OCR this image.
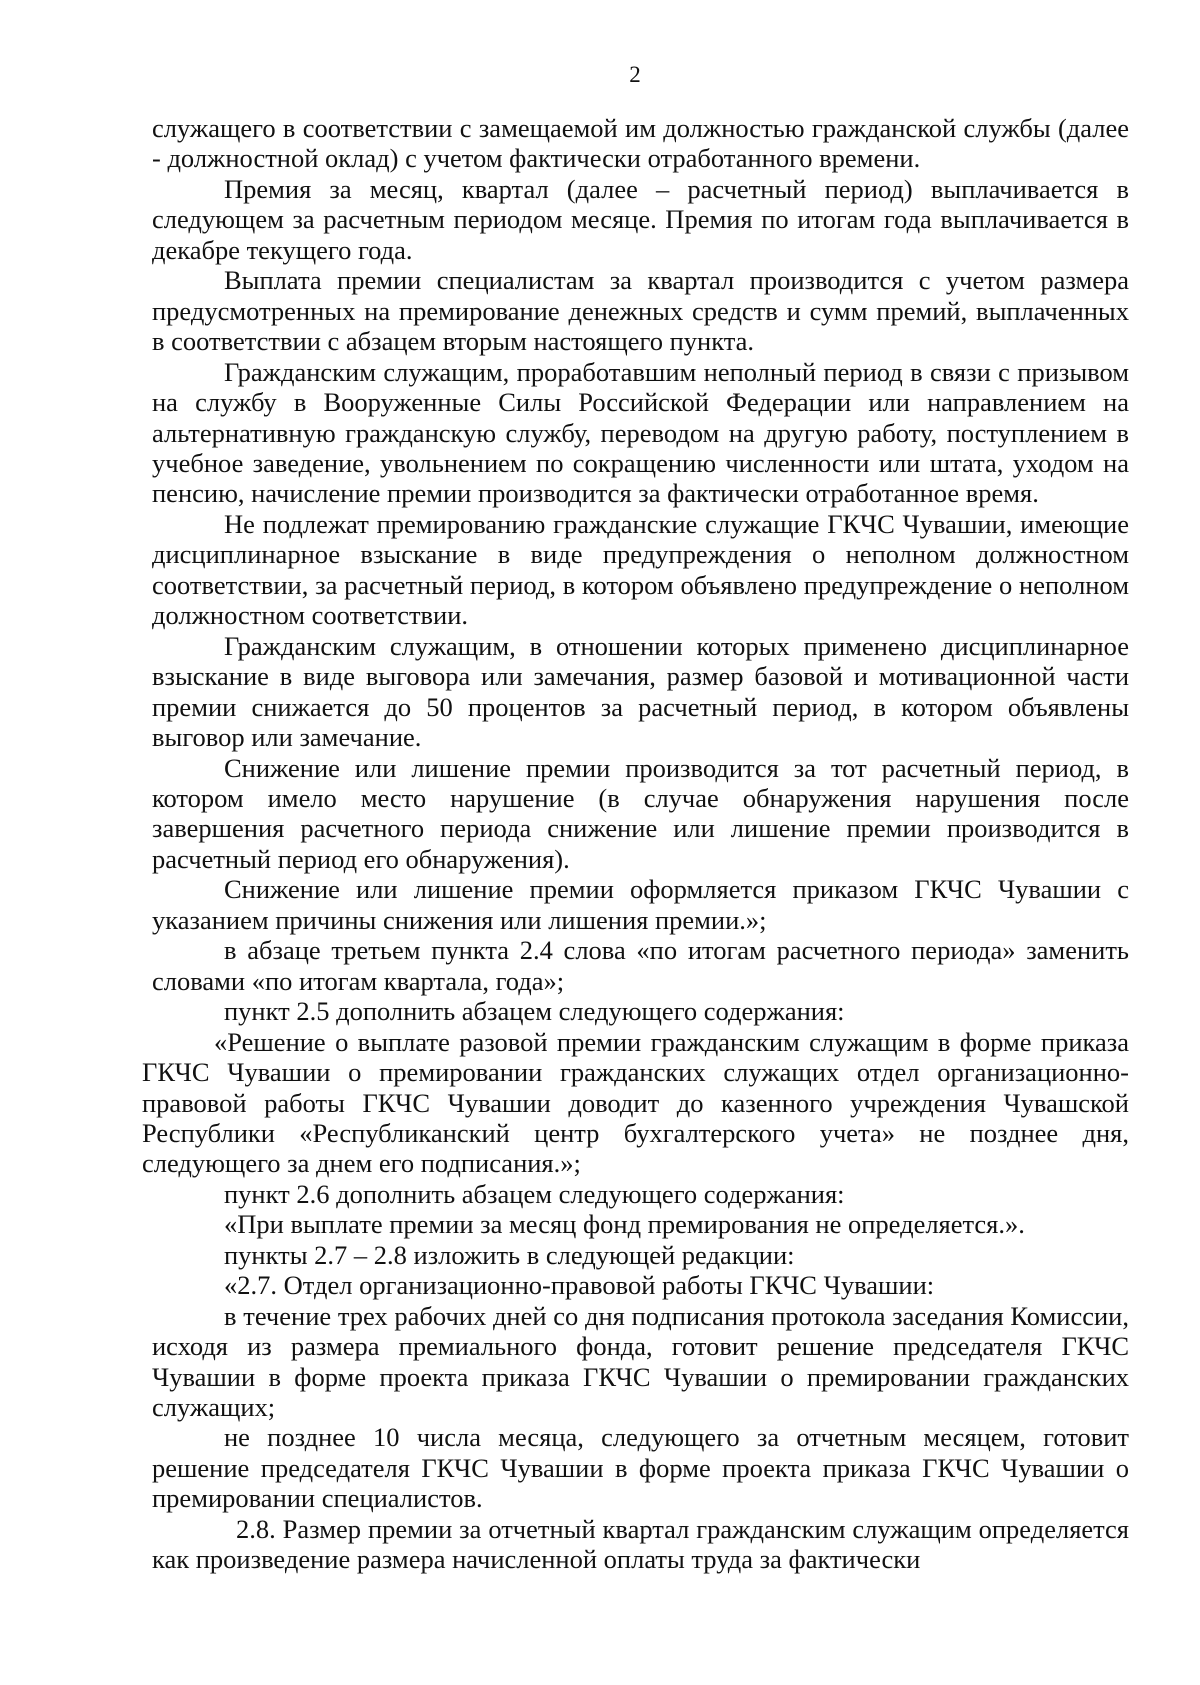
2

служащего в соответствии с замещаемой им должностью гражданской службы (далее - должностной оклад) с учетом фактически отработанного времени.

Премия за месяц, квартал (далее – расчетный период) выплачивается в следующем за расчетным периодом месяце. Премия по итогам года выплачивается в декабре текущего года.

Выплата премии специалистам за квартал производится с учетом размера предусмотренных на премирование денежных средств и сумм премий, выплаченных в соответствии с абзацем вторым настоящего пункта.

Гражданским служащим, проработавшим неполный период в связи с призывом на службу в Вооруженные Силы Российской Федерации или направлением на альтернативную гражданскую службу, переводом на другую работу, поступлением в учебное заведение, увольнением по сокращению численности или штата, уходом на пенсию, начисление премии производится за фактически отработанное время.

Не подлежат премированию гражданские служащие ГКЧС Чувашии, имеющие дисциплинарное взыскание в виде предупреждения о неполном должностном соответствии, за расчетный период, в котором объявлено предупреждение о неполном должностном соответствии.

Гражданским служащим, в отношении которых применено дисциплинарное взыскание в виде выговора или замечания, размер базовой и мотивационной части премии снижается до 50 процентов за расчетный период, в котором объявлены выговор или замечание.

Снижение или лишение премии производится за тот расчетный период, в котором имело место нарушение (в случае обнаружения нарушения после завершения расчетного периода снижение или лишение премии производится в расчетный период его обнаружения).

Снижение или лишение премии оформляется приказом ГКЧС Чувашии с указанием причины снижения или лишения премии.»;

в абзаце третьем пункта 2.4 слова «по итогам расчетного периода» заменить словами «по итогам квартала, года»;

пункт 2.5 дополнить абзацем следующего содержания:

«Решение о выплате разовой премии гражданским служащим в форме приказа ГКЧС Чувашии о премировании гражданских служащих отдел организационно-правовой работы ГКЧС Чувашии доводит до казенного учреждения Чувашской Республики «Республиканский центр бухгалтерского учета» не позднее дня, следующего за днем его подписания.»;

пункт 2.6 дополнить абзацем следующего содержания:

«При выплате премии за месяц фонд премирования не определяется.».

пункты 2.7 – 2.8 изложить в следующей редакции:

«2.7. Отдел организационно-правовой работы ГКЧС Чувашии:

в течение трех рабочих дней со дня подписания протокола заседания Комиссии, исходя из размера премиального фонда, готовит решение председателя ГКЧС Чувашии в форме проекта приказа ГКЧС Чувашии о премировании гражданских служащих;

не позднее 10 числа месяца, следующего за отчетным месяцем, готовит решение председателя ГКЧС Чувашии в форме проекта приказа ГКЧС Чувашии о премировании специалистов.

2.8. Размер премии за отчетный квартал гражданским служащим определяется как произведение размера начисленной оплаты труда за фактически
